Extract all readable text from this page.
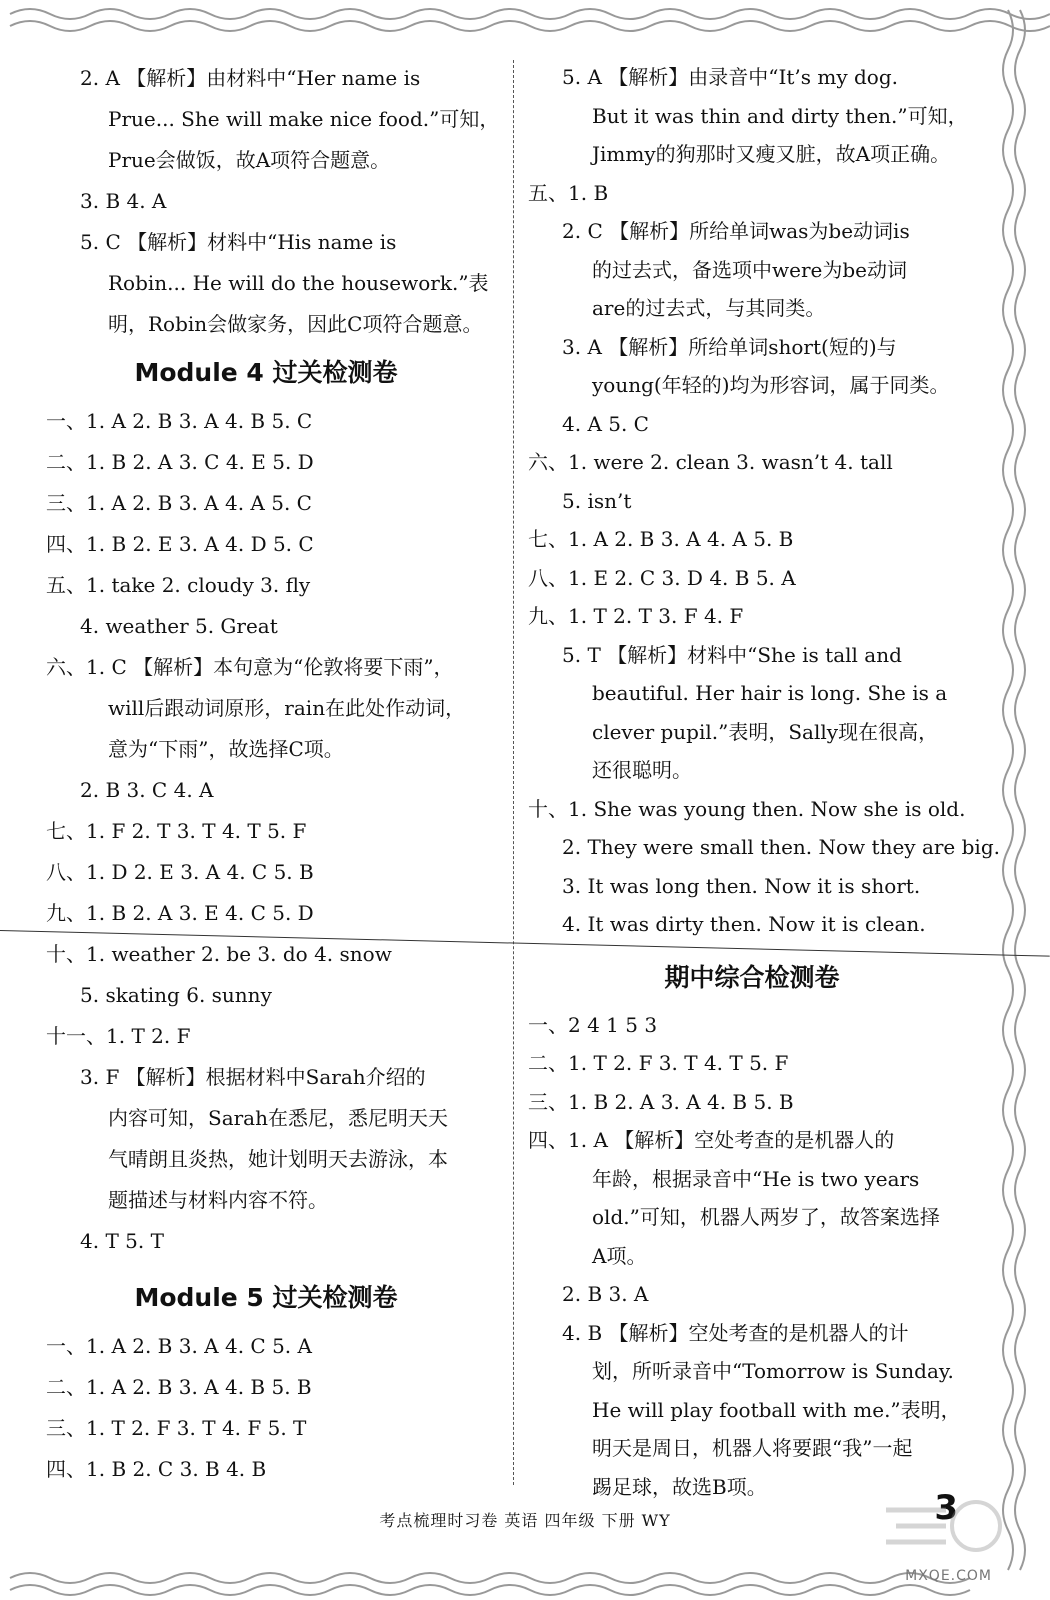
2. A 【解析】由材料中“Her name is
Prue... She will make nice food.”可知，
Prue会做饭，故A项符合题意。
3. B 4. A
5. C 【解析】材料中“His name is
Robin... He will do the housework.”表
明，Robin会做家务，因此C项符合题意。
Module 4 过关检测卷
一、1. A 2. B 3. A 4. B 5. C
二、1. B 2. A 3. C 4. E 5. D
三、1. A 2. B 3. A 4. A 5. C
四、1. B 2. E 3. A 4. D 5. C
五、1. take 2. cloudy 3. fly
4. weather 5. Great
六、1. C 【解析】本句意为“伦敦将要下雨”，
will后跟动词原形，rain在此处作动词，
意为“下雨”，故选择C项。
2. B 3. C 4. A
七、1. F 2. T 3. T 4. T 5. F
八、1. D 2. E 3. A 4. C 5. B
九、1. B 2. A 3. E 4. C 5. D
十、1. weather 2. be 3. do 4. snow
5. skating 6. sunny
十一、1. T 2. F
3. F 【解析】根据材料中Sarah介绍的
内容可知，Sarah在悉尼，悉尼明天天
气晴朗且炎热，她计划明天去游泳，本
题描述与材料内容不符。
4. T 5. T
Module 5 过关检测卷
一、1. A 2. B 3. A 4. C 5. A
二、1. A 2. B 3. A 4. B 5. B
三、1. T 2. F 3. T 4. F 5. T
四、1. B 2. C 3. B 4. B
5. A 【解析】由录音中“It’s my dog.
But it was thin and dirty then.”可知，
Jimmy的狗那时又瘦又脏，故A项正确。
五、1. B
2. C 【解析】所给单词was为be动词is
的过去式，备选项中were为be动词
are的过去式，与其同类。
3. A 【解析】所给单词short(短的)与
young(年轻的)均为形容词，属于同类。
4. A 5. C
六、1. were 2. clean 3. wasn’t 4. tall
5. isn’t
七、1. A 2. B 3. A 4. A 5. B
八、1. E 2. C 3. D 4. B 5. A
九、1. T 2. T 3. F 4. F
5. T 【解析】材料中“She is tall and
beautiful. Her hair is long. She is a
clever pupil.”表明，Sally现在很高，
还很聪明。
十、1. She was young then. Now she is old.
2. They were small then. Now they are big.
3. It was long then. Now it is short.
4. It was dirty then. Now it is clean.
期中综合检测卷
一、2 4 1 5 3
二、1. T 2. F 3. T 4. T 5. F
三、1. B 2. A 3. A 4. B 5. B
四、1. A 【解析】空处考查的是机器人的
年龄，根据录音中“He is two years
old.”可知，机器人两岁了，故答案选择
A项。
2. B 3. A
4. B 【解析】空处考查的是机器人的计
划，所听录音中“Tomorrow is Sunday.
He will play football with me.”表明，
明天是周日，机器人将要跟“我”一起
踢足球，故选B项。
考点梳理时习卷 英语 四年级 下册 WY	3
MXQE.COM
